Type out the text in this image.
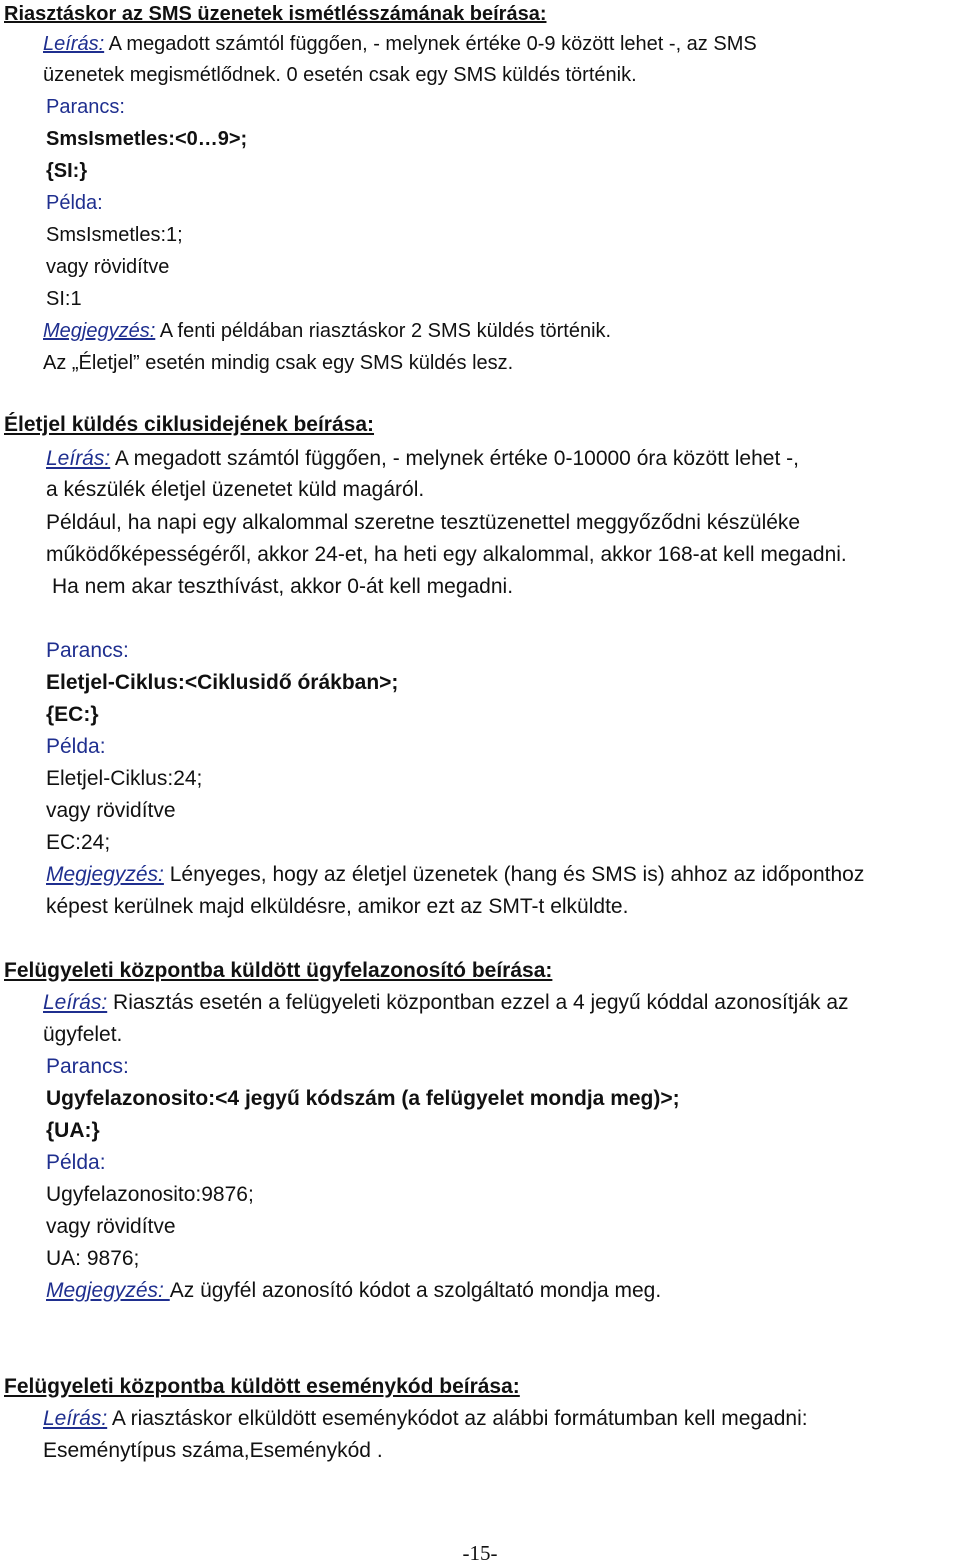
Riasztáskor az SMS üzenetek ismétlésszámának beírása:
Leírás: A megadott számtól függően, - melynek értéke 0-9 között lehet -, az SMS
üzenetek megismétlődnek. 0 esetén csak egy SMS küldés történik.
Parancs:
SmsIsmetles:<0…9>;
{SI:}
Példa:
SmsIsmetles:1;
vagy rövidítve
SI:1
Megjegyzés: A fenti példában riasztáskor 2 SMS küldés történik.
Az „Életjel” esetén mindig csak egy SMS küldés lesz.
Életjel küldés ciklusidejének beírása:
Leírás: A megadott számtól függően, - melynek értéke 0-10000 óra között lehet -,
a készülék életjel üzenetet küld magáról.
Például, ha napi egy alkalommal szeretne tesztüzenettel meggyőződni készüléke
működőképességéről, akkor 24-et, ha heti egy alkalommal, akkor 168-at kell megadni.
Ha nem akar teszthívást, akkor 0-át kell megadni.
Parancs:
Eletjel-Ciklus:<Ciklusidő órákban>;
{EC:}
Példa:
Eletjel-Ciklus:24;
vagy rövidítve
EC:24;
Megjegyzés: Lényeges, hogy az életjel üzenetek (hang és SMS is) ahhoz az időponthoz
képest kerülnek majd elküldésre, amikor ezt az SMT-t elküldte.
Felügyeleti központba küldött ügyfelazonosító beírása:
Leírás: Riasztás esetén a felügyeleti központban ezzel a 4 jegyű kóddal azonosítják az
ügyfelet.
Parancs:
Ugyfelazonosito:<4 jegyű kódszám (a felügyelet mondja meg)>;
{UA:}
Példa:
Ugyfelazonosito:9876;
vagy rövidítve
UA: 9876;
Megjegyzés: Az ügyfél azonosító kódot a szolgáltató mondja meg.
Felügyeleti központba küldött eseménykód beírása:
Leírás: A riasztáskor elküldött eseménykódot az alábbi formátumban kell megadni:
Eseménytípus száma,Eseménykód .
-15-
